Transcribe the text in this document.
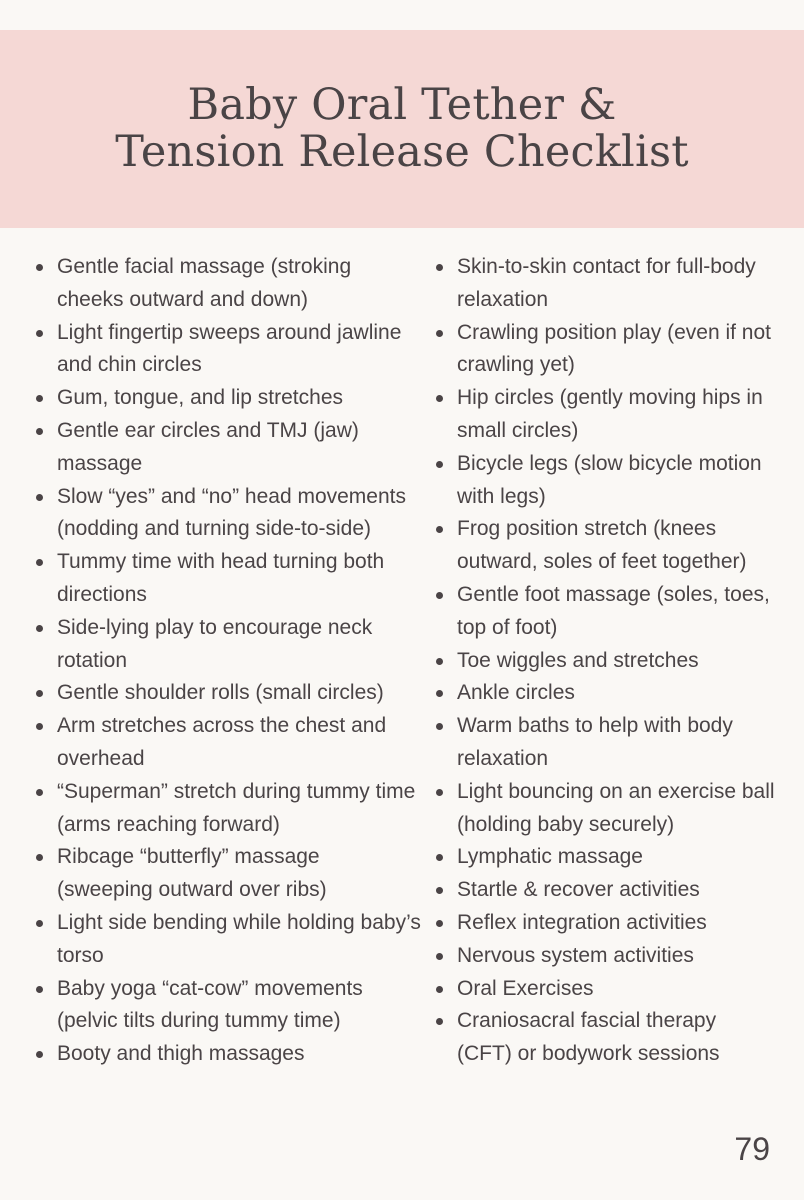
Baby Oral Tether &
Tension Release Checklist
Gentle facial massage (stroking cheeks outward and down)
Light fingertip sweeps around jawline and chin circles
Gum, tongue, and lip stretches
Gentle ear circles and TMJ (jaw) massage
Slow “yes” and “no” head movements (nodding and turning side-to-side)
Tummy time with head turning both directions
Side-lying play to encourage neck rotation
Gentle shoulder rolls (small circles)
Arm stretches across the chest and overhead
“Superman” stretch during tummy time (arms reaching forward)
Ribcage “butterfly” massage (sweeping outward over ribs)
Light side bending while holding baby’s torso
Baby yoga “cat-cow” movements (pelvic tilts during tummy time)
Booty and thigh massages
Skin-to-skin contact for full-body relaxation
Crawling position play (even if not crawling yet)
Hip circles (gently moving hips in small circles)
Bicycle legs (slow bicycle motion with legs)
Frog position stretch (knees outward, soles of feet together)
Gentle foot massage (soles, toes, top of foot)
Toe wiggles and stretches
Ankle circles
Warm baths to help with body relaxation
Light bouncing on an exercise ball (holding baby securely)
Lymphatic massage
Startle & recover activities
Reflex integration activities
Nervous system activities
Oral Exercises
Craniosacral fascial therapy (CFT) or bodywork sessions
79
